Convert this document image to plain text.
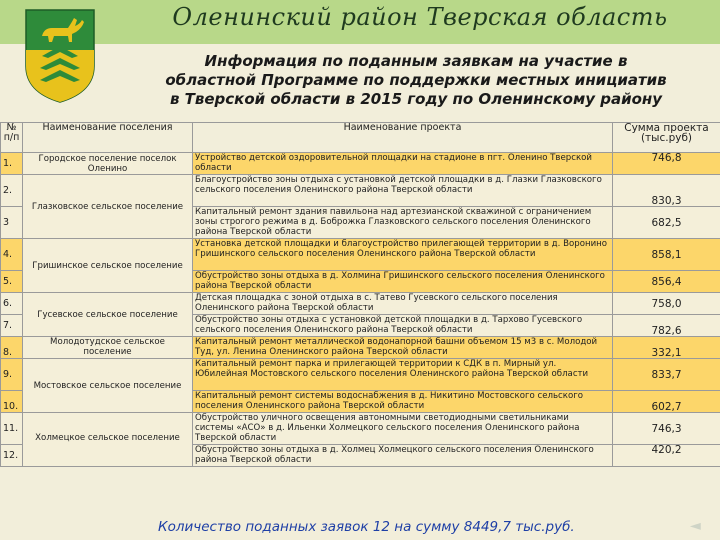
Оленинский район Тверская область
Информация по поданным заявкам на участие в
областной Программе по поддержки местных инициатив
в Тверской области в 2015 году по Оленинскому району
№
п/п	Наименование поселения	Наименование проекта	Сумма проекта
(тыс.руб)
1.	Городское поселение поселок Оленино	Устройство детской оздоровительной площадки на стадионе в пгт. Оленино Тверской области	746,8
2.	Глазковское сельское поселение	Благоустройство зоны отдыха с установкой детской площадки в д. Глазки Глазковского сельского поселения Оленинского района Тверской области	830,3
3		Капитальный ремонт здания павильона над артезианской скважиной с ограничением зоны строгого режима в д. Боброжка Глазковского сельского поселения Оленинского района Тверской области	682,5
4.	Гришинское сельское поселение	Установка детской площадки и благоустройство прилегающей территории в д. Воронино Гришинского сельского поселения Оленинского района Тверской области	858,1
5.		Обустройство зоны отдыха в д. Холмина Гришинского сельского поселения Оленинского района Тверской области	856,4
6.	Гусевское сельское поселение	Детская площадка с зоной отдыха в с. Татево Гусевского сельского поселения Оленинского района Тверской области	758,0
7.		Обустройство зоны отдыха с установкой детской площадки в д. Тархово Гусевского сельского поселения Оленинского района Тверской области	782,6
8.	Молодотудское сельское поселение	Капитальный ремонт металлической водонапорной башни объемом 15 м3 в с. Молодой Туд, ул. Ленина Оленинского района Тверской области	332,1
9.	Мостовское сельское поселение	Капитальный ремонт парка и прилегающей территории к СДК в п. Мирный ул. Юбилейная Мостовского сельского поселения Оленинского района Тверской области	833,7
10.		Капитальный ремонт системы водоснабжения в д. Никитино Мостовского сельского поселения Оленинского района Тверской области	602,7
11.	Холмецкое сельское поселение	Обустройство уличного освещения автономными светодиодными светильниками системы «АСО» в д. Ильенки Холмецкого сельского поселения Оленинского района Тверской области	746,3
12.		Обустройство зоны отдыха в д. Холмец Холмецкого сельского поселения Оленинского района Тверской области	420,2
Количество поданных заявок 12 на сумму 8449,7 тыс.руб.	◄
